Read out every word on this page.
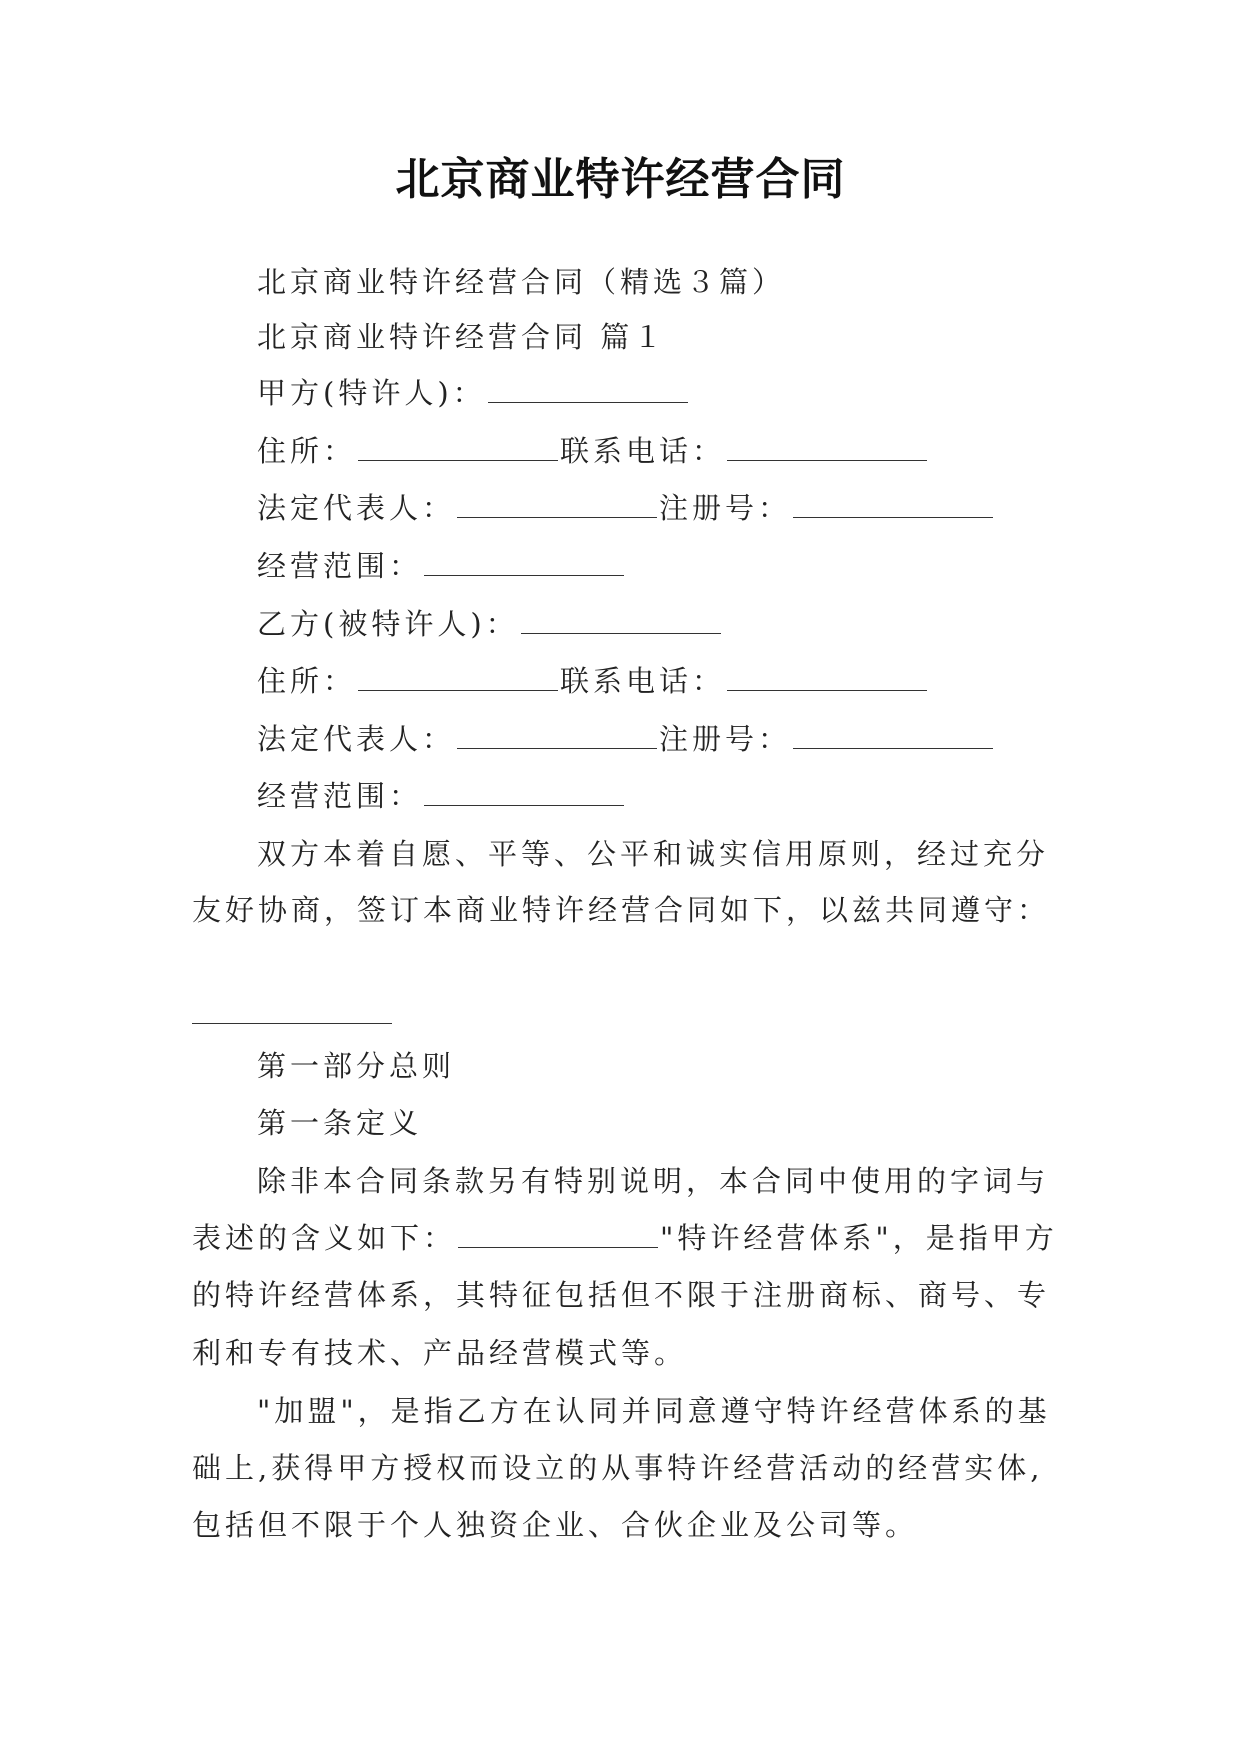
北京商业特许经营合同
北京商业特许经营合同（精选３篇）
北京商业特许经营合同 篇１
甲方(特许人)：
住所：	联系电话：
法定代表人：	注册号：
经营范围：
乙方(被特许人)：
住所：	联系电话：
法定代表人：	注册号：
经营范围：
双方本着自愿、平等、公平和诚实信用原则，经过充分
友好协商，签订本商业特许经营合同如下，以兹共同遵守：
第一部分总则
第一条定义
除非本合同条款另有特别说明，本合同中使用的字词与
表述的含义如下：	"特许经营体系"，是指甲方
的特许经营体系，其特征包括但不限于注册商标、商号、专
利和专有技术、产品经营模式等。
"加盟"，是指乙方在认同并同意遵守特许经营体系的基
础上,获得甲方授权而设立的从事特许经营活动的经营实体,
包括但不限于个人独资企业、合伙企业及公司等。
